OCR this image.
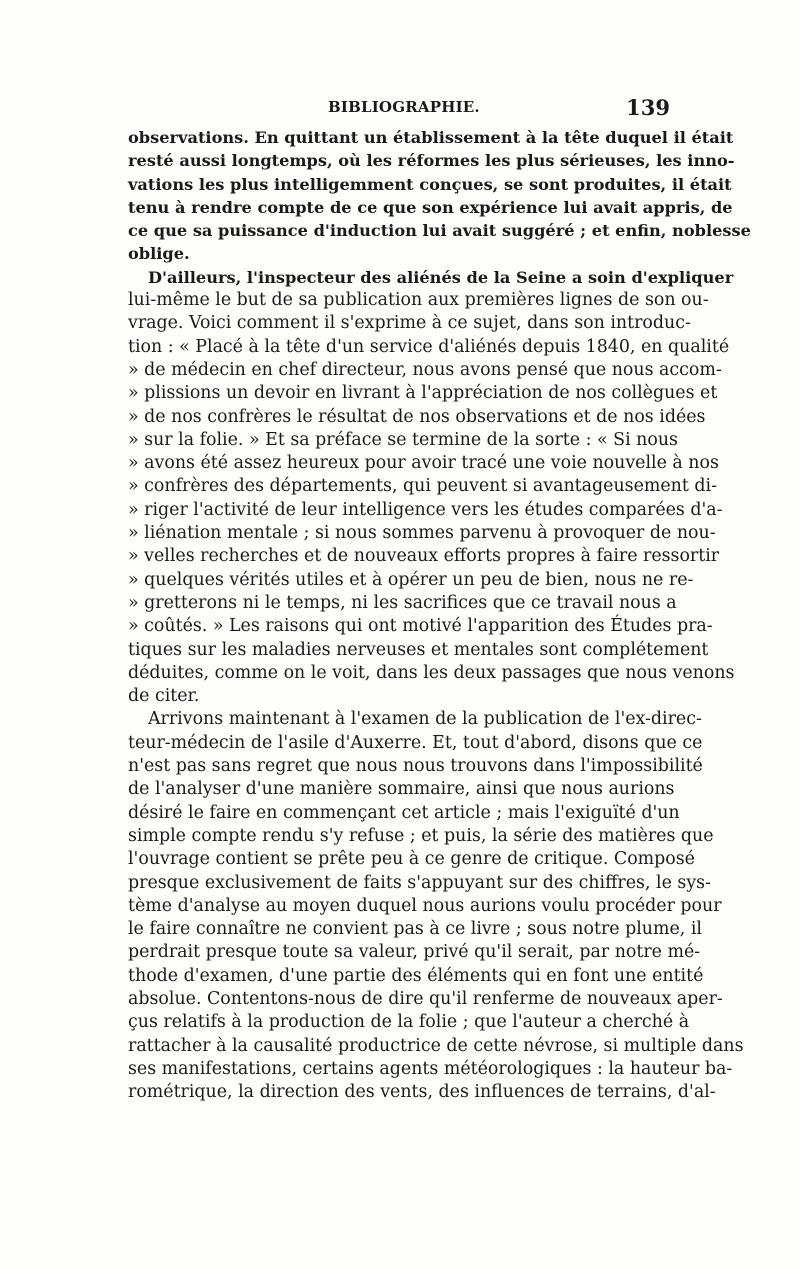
BIBLIOGRAPHIE.	139
observations. En quittant un établissement à la tête duquel il était
resté aussi longtemps, où les réformes les plus sérieuses, les inno-
vations les plus intelligemment conçues, se sont produites, il était
tenu à rendre compte de ce que son expérience lui avait appris, de
ce que sa puissance d'induction lui avait suggéré ; et enfin, noblesse
oblige.
D'ailleurs, l'inspecteur des aliénés de la Seine a soin d'expliquer
lui-même le but de sa publication aux premières lignes de son ou-
vrage. Voici comment il s'exprime à ce sujet, dans son introduc-
tion : « Placé à la tête d'un service d'aliénés depuis 1840, en qualité
» de médecin en chef directeur, nous avons pensé que nous accom-
» plissions un devoir en livrant à l'appréciation de nos collègues et
» de nos confrères le résultat de nos observations et de nos idées
» sur la folie. » Et sa préface se termine de la sorte : « Si nous
» avons été assez heureux pour avoir tracé une voie nouvelle à nos
» confrères des départements, qui peuvent si avantageusement di-
» riger l'activité de leur intelligence vers les études comparées d'a-
» liénation mentale ; si nous sommes parvenu à provoquer de nou-
» velles recherches et de nouveaux efforts propres à faire ressortir
» quelques vérités utiles et à opérer un peu de bien, nous ne re-
» gretterons ni le temps, ni les sacrifices que ce travail nous a
» coûtés. » Les raisons qui ont motivé l'apparition des Études pra-
tiques sur les maladies nerveuses et mentales sont complétement
déduites, comme on le voit, dans les deux passages que nous venons
de citer.
Arrivons maintenant à l'examen de la publication de l'ex-direc-
teur-médecin de l'asile d'Auxerre. Et, tout d'abord, disons que ce
n'est pas sans regret que nous nous trouvons dans l'impossibilité
de l'analyser d'une manière sommaire, ainsi que nous aurions
désiré le faire en commençant cet article ; mais l'exiguïté d'un
simple compte rendu s'y refuse ; et puis, la série des matières que
l'ouvrage contient se prête peu à ce genre de critique. Composé
presque exclusivement de faits s'appuyant sur des chiffres, le sys-
tème d'analyse au moyen duquel nous aurions voulu procéder pour
le faire connaître ne convient pas à ce livre ; sous notre plume, il
perdrait presque toute sa valeur, privé qu'il serait, par notre mé-
thode d'examen, d'une partie des éléments qui en font une entité
absolue. Contentons-nous de dire qu'il renferme de nouveaux aper-
çus relatifs à la production de la folie ; que l'auteur a cherché à
rattacher à la causalité productrice de cette névrose, si multiple dans
ses manifestations, certains agents météorologiques : la hauteur ba-
rométrique, la direction des vents, des influences de terrains, d'al-
